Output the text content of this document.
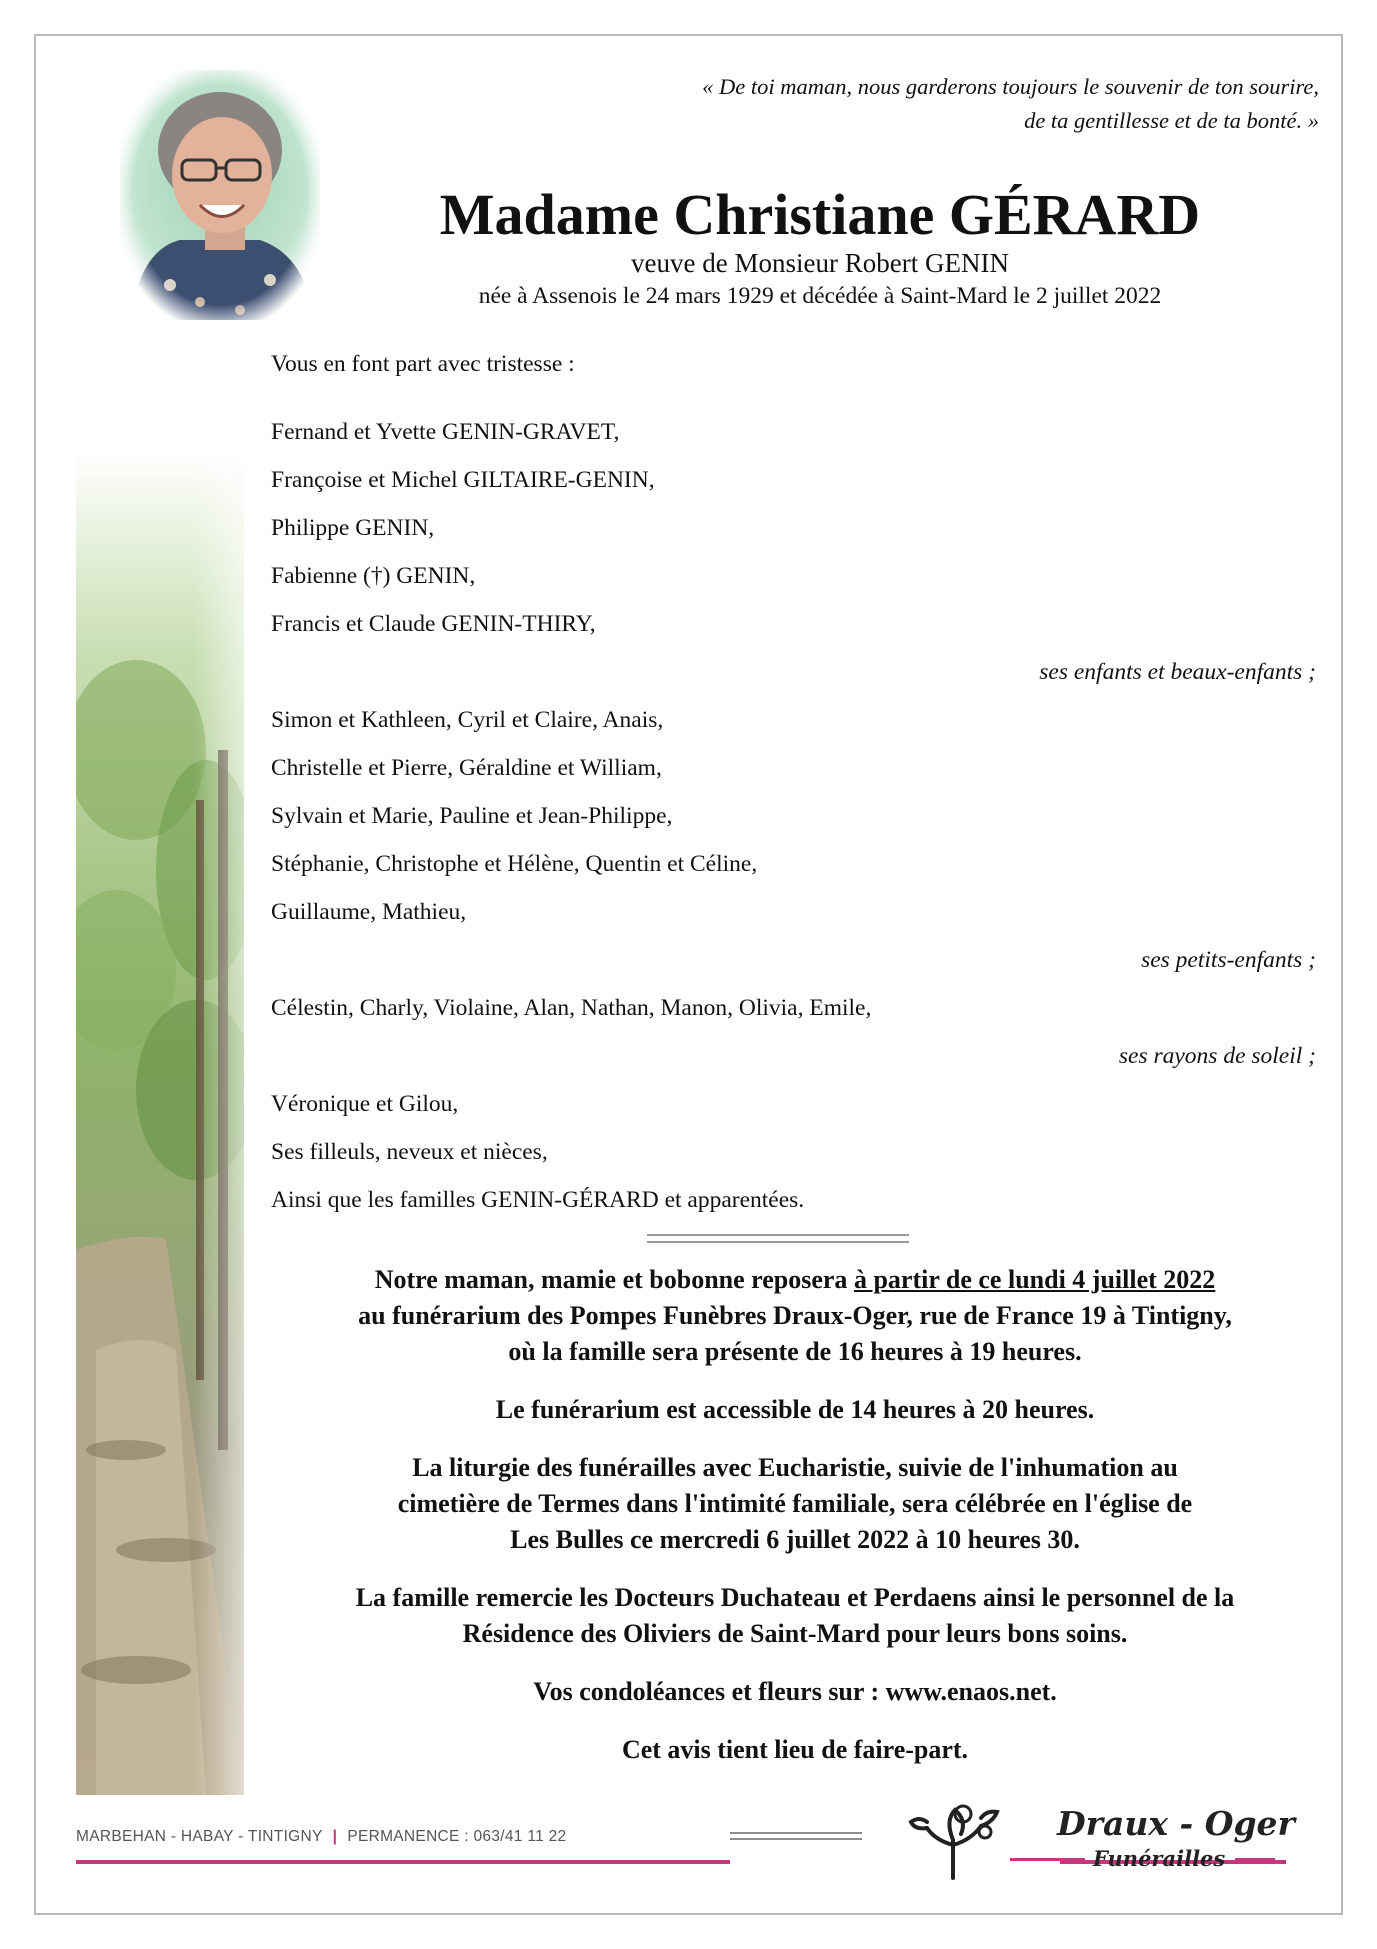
« De toi maman, nous garderons toujours le souvenir de ton sourire,
de ta gentillesse et de ta bonté. »
Madame Christiane GÉRARD
veuve de Monsieur Robert GENIN
née à Assenois le 24 mars 1929 et décédée à Saint-Mard le 2 juillet 2022
Vous en font part avec tristesse :
Fernand et Yvette GENIN-GRAVET,
Françoise et Michel GILTAIRE-GENIN,
Philippe GENIN,
Fabienne (†) GENIN,
Francis et Claude GENIN-THIRY,
ses enfants et beaux-enfants ;
Simon et Kathleen, Cyril et Claire, Anais,
Christelle et Pierre, Géraldine et William,
Sylvain et Marie, Pauline et Jean-Philippe,
Stéphanie, Christophe et Hélène, Quentin et Céline,
Guillaume, Mathieu,
ses petits-enfants ;
Célestin, Charly, Violaine, Alan, Nathan, Manon, Olivia, Emile,
ses rayons de soleil ;
Véronique et Gilou,
Ses filleuls, neveux et nièces,
Ainsi que les familles GENIN-GÉRARD et apparentées.
Notre maman, mamie et bobonne reposera à partir de ce lundi 4 juillet 2022
au funérarium des Pompes Funèbres Draux-Oger, rue de France 19 à Tintigny,
où la famille sera présente de 16 heures à 19 heures.
Le funérarium est accessible de 14 heures à 20 heures.
La liturgie des funérailles avec Eucharistie, suivie de l'inhumation au
cimetière de Termes dans l'intimité familiale, sera célébrée en l'église de
Les Bulles ce mercredi 6 juillet 2022 à 10 heures 30.
La famille remercie les Docteurs Duchateau et Perdaens ainsi le personnel de la
Résidence des Oliviers de Saint-Mard pour leurs bons soins.
Vos condoléances et fleurs sur : www.enaos.net.
Cet avis tient lieu de faire-part.
MARBEHAN - HABAY - TINTIGNY | PERMANENCE : 063/41 11 22	Draux - Oger
Funérailles
